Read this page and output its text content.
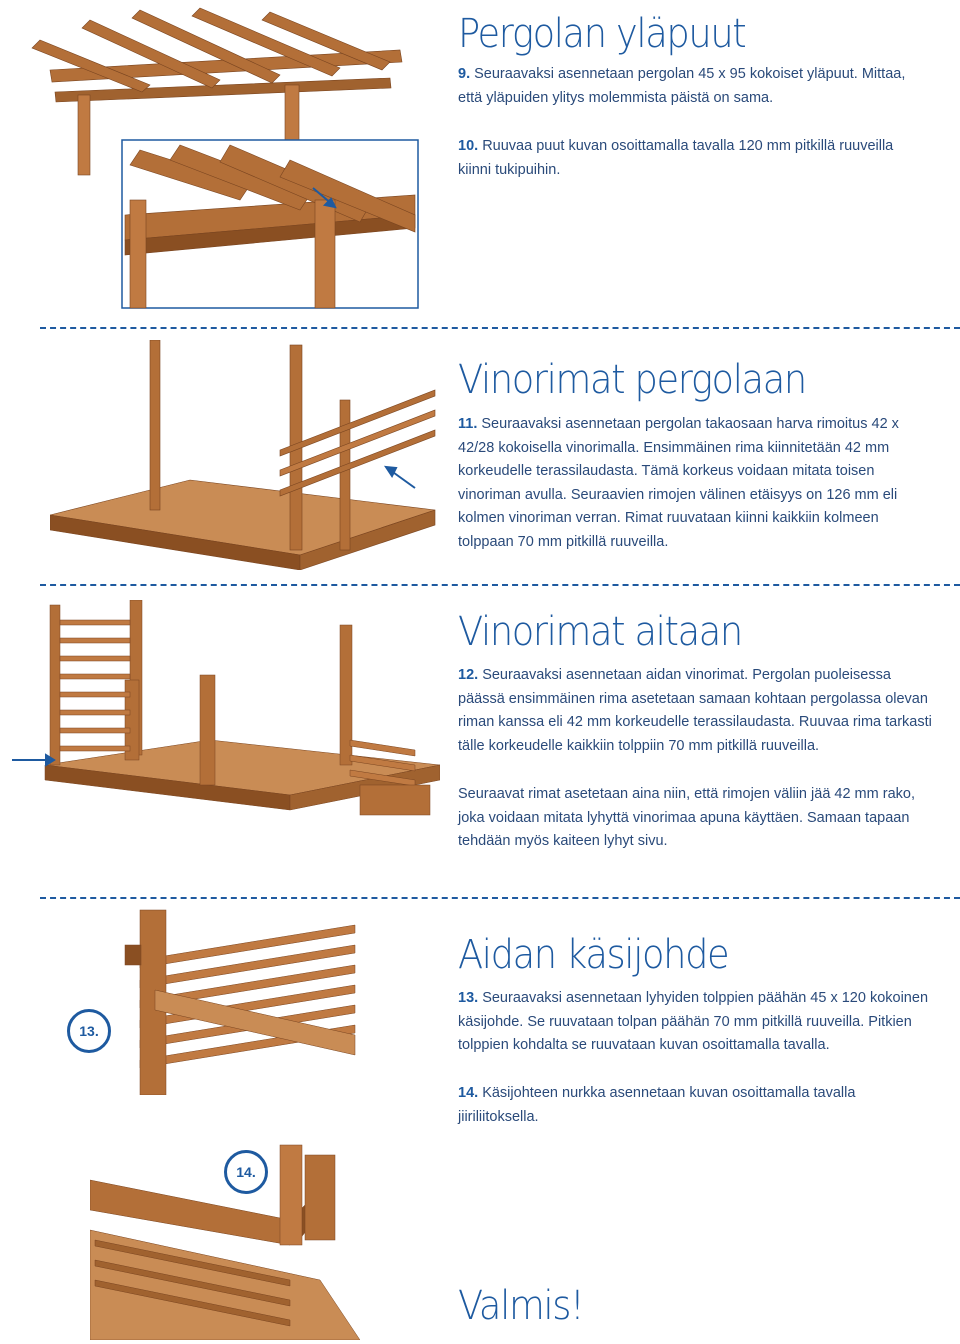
Pergolan yläpuut

9. Seuraavaksi asennetaan pergolan 45 x 95 kokoiset yläpuut. Mittaa, että yläpuiden ylitys molemmista päistä on sama.

10. Ruuvaa puut kuvan osoittamalla tavalla 120 mm pitkillä ruuveilla kiinni tukipuihin.

Vinorimat pergolaan

11. Seuraavaksi asennetaan pergolan takaosaan harva rimoitus 42 x 42/28 kokoisella vinorimalla. Ensimmäinen rima kiinnitetään 42 mm korkeudelle terassilaudasta. Tämä korkeus voidaan mitata toisen vinoriman avulla. Seuraavien rimojen välinen etäisyys on 126 mm eli kolmen vinoriman verran. Rimat ruuvataan kiinni kaikkiin kolmeen tolppaan 70 mm pitkillä ruuveilla.

Vinorimat aitaan

12. Seuraavaksi asennetaan aidan vinorimat. Pergolan puoleisessa päässä ensimmäinen rima asetetaan samaan kohtaan pergolassa olevan riman kanssa eli 42 mm korkeudelle terassilaudasta. Ruuvaa rima tarkasti tälle korkeudelle kaikkiin tolppiin 70 mm pitkillä ruuveilla.

Seuraavat rimat asetetaan aina niin, että rimojen väliin jää 42 mm rako, joka voidaan mitata lyhyttä vinorimaa apuna käyttäen. Samaan tapaan tehdään myös kaiteen lyhyt sivu.

13.
14.
Aidan käsijohde

13. Seuraavaksi asennetaan lyhyiden tolppien päähän 45 x 120 kokoinen käsijohde. Se ruuvataan tolpan päähän 70 mm pitkillä ruuveilla. Pitkien tolppien kohdalta se ruuvataan kuvan osoittamalla tavalla.

14. Käsijohteen nurkka asennetaan kuvan osoittamalla tavalla jiiriliitoksella.

Valmis!
